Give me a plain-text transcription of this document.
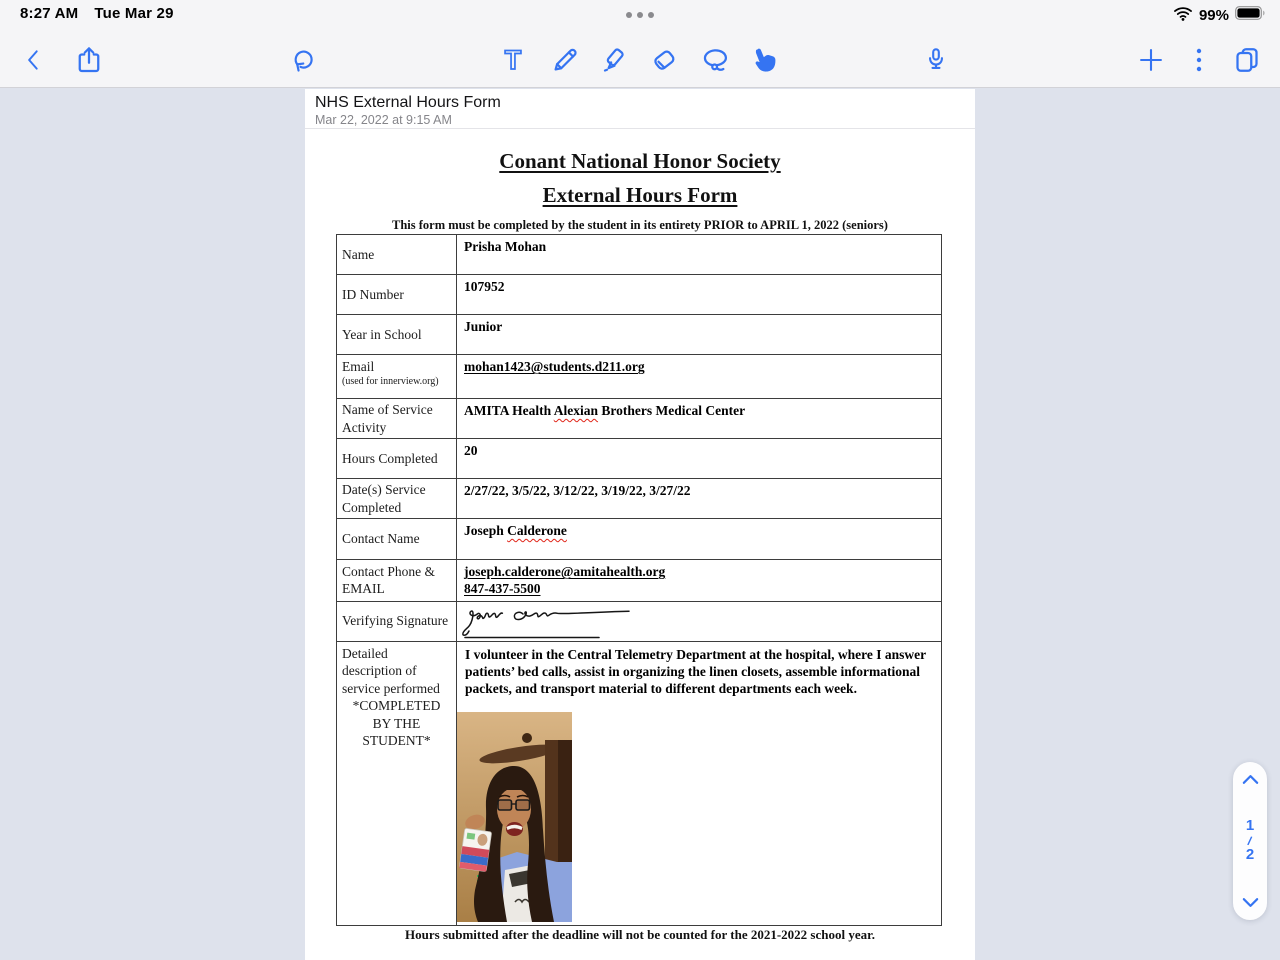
8:27 AM Tue Mar 29	99%
T
NHS External Hours Form
Mar 22, 2022 at 9:15 AM
Conant National Honor Society
External Hours Form
This form must be completed by the student in its entirety PRIOR to APRIL 1, 2022 (seniors)
Name	Prisha Mohan
ID Number	107952
Year in School	Junior
Email
(used for innerview.org)	mohan1423@students.d211.org
Name of Service Activity	AMITA Health Alexian Brothers Medical Center
Hours Completed	20
Date(s) Service Completed	2/27/22, 3/5/22, 3/12/22, 3/19/22, 3/27/22
Contact Name	Joseph Calderone
Contact Phone & EMAIL	joseph.calderone@amitahealth.org
847-437-5500

Verifying Signature	

Detailed description of service performed
*COMPLETED BY THE STUDENT*	I volunteer in the Central Telemetry Department at the hospital, where I answer patients’ bed calls, assist in organizing the linen closets, assemble informational packets, and transport material to different departments each week.
Hours submitted after the deadline will not be counted for the 2021-2022 school year.
1
/
2
